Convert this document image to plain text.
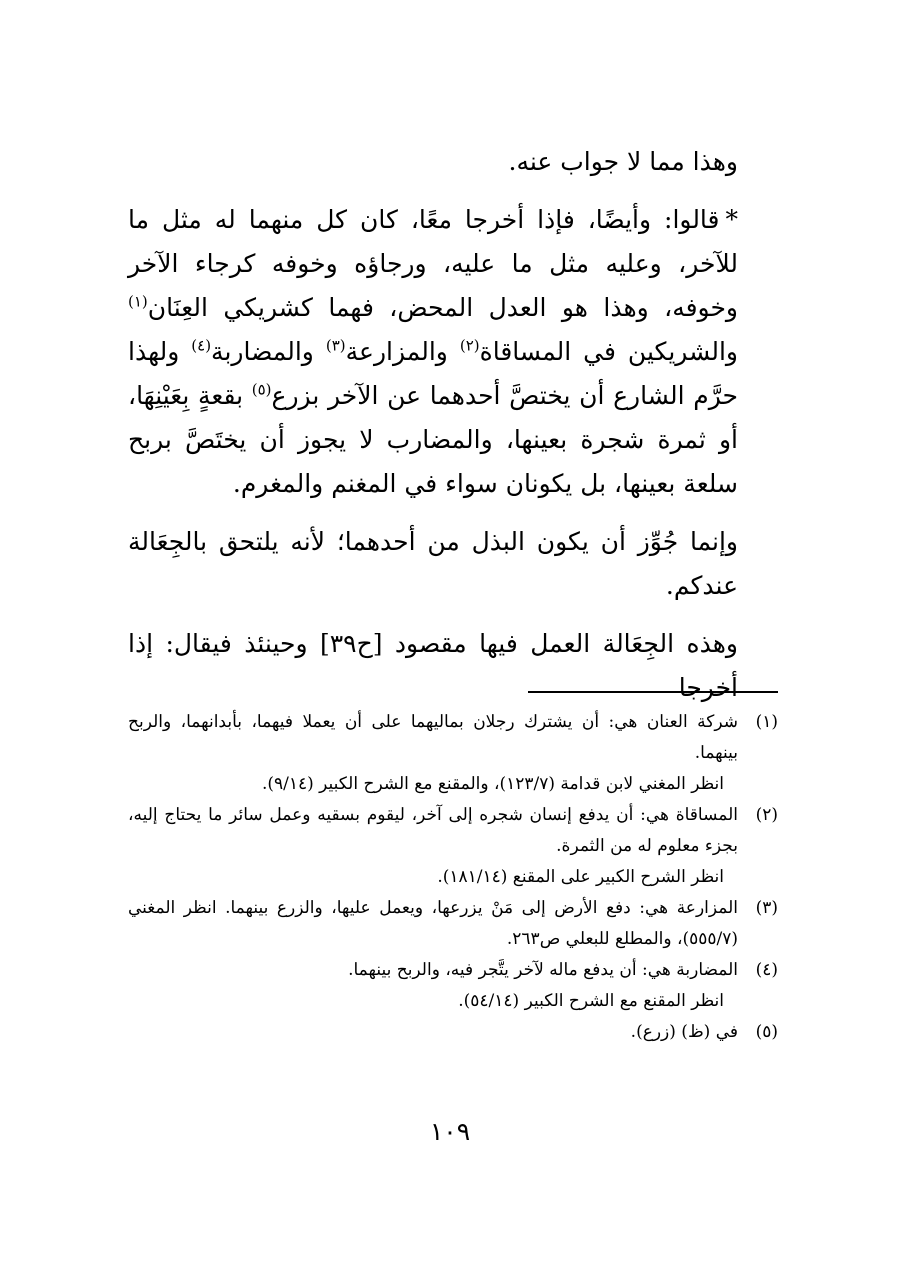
وهذا مما لا جواب عنه.

*قالوا: وأيضًا، فإذا أخرجا معًا، كان كل منهما له مثل ما للآخر، وعليه مثل ما عليه، ورجاؤه وخوفه كرجاء الآخر وخوفه، وهذا هو العدل المحض، فهما كشريكي العِنَان$^{(١)}$ والشريكين في المساقاة$^{(٢)}$ والمزارعة$^{(٣)}$ والمضاربة$^{(٤)}$ ولهذا حرَّم الشارع أن يختصَّ أحدهما عن الآخر بزرع$^{(٥)}$ بقعةٍ بِعَيْنِهَا، أو ثمرة شجرة بعينها، والمضارب لا يجوز أن يختَصَّ بربح سلعة بعينها، بل يكونان سواء في المغنم والمغرم.

وإنما جُوِّز أن يكون البذل من أحدهما؛ لأنه يلتحق بالجِعَالة عندكم.

وهذه الجِعَالة العمل فيها مقصود [ح٣٩] وحينئذ فيقال: إذا أخرجا

(١)

شركة العنان هي: أن يشترك رجلان بماليهما على أن يعملا فيهما، بأبدانهما، والربح بينهما.

انظر المغني لابن قدامة (١٢٣/٧)، والمقنع مع الشرح الكبير (٩/١٤).

(٢)

المساقاة هي: أن يدفع إنسان شجره إلى آخر، ليقوم بسقيه وعمل سائر ما يحتاج إليه، بجزء معلوم له من الثمرة.

انظر الشرح الكبير على المقنع (١٨١/١٤).

(٣)

المزارعة هي: دفع الأرض إلى مَنْ يزرعها، ويعمل عليها، والزرع بينهما. انظر المغني (٥٥٥/٧)، والمطلع للبعلي ص٢٦٣.

(٤)

المضاربة هي: أن يدفع ماله لآخر يتَّجر فيه، والربح بينهما.

انظر المقنع مع الشرح الكبير (٥٤/١٤).

(٥)

في (ظ) (زرع).

١٠٩
